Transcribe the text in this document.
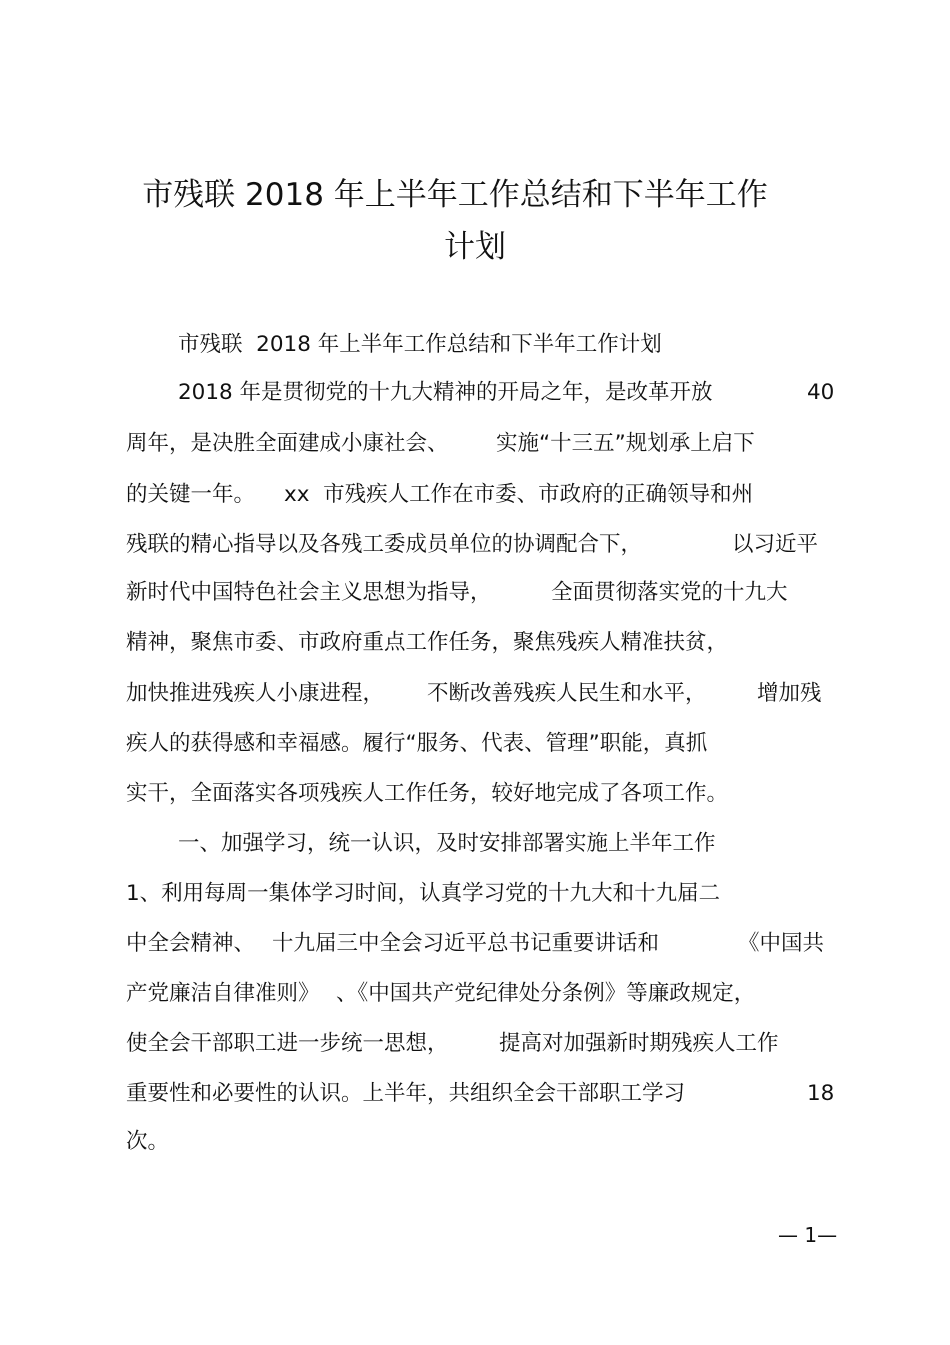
市残联 2018 年上半年工作总结和下半年工作
计划
市残联  2018 年上半年工作总结和下半年工作计划
2018 年是贯彻党的十九大精神的开局之年，是改革开放	40
周年，是决胜全面建成小康社会、 实施“十三五”规划承上启下
的关键一年。 xx  市残疾人工作在市委、市政府的正确领导和州
残联的精心指导以及各残工委成员单位的协调配合下，	以习近平
新时代中国特色社会主义思想为指导，	全面贯彻落实党的十九大
精神，聚焦市委、市政府重点工作任务，聚焦残疾人精准扶贫，
加快推进残疾人小康进程， 不断改善残疾人民生和水平， 增加残
疾人的获得感和幸福感。履行“服务、代表、管理”职能，真抓
实干，全面落实各项残疾人工作任务，较好地完成了各项工作。
一、加强学习，统一认识，及时安排部署实施上半年工作
1、利用每周一集体学习时间，认真学习党的十九大和十九届二
中全会精神、 十九届三中全会习近平总书记重要讲话和	《中国共
产党廉洁自律准则》 、《中国共产党纪律处分条例》等廉政规定，
使全会干部职工进一步统一思想， 提高对加强新时期残疾人工作
重要性和必要性的认识。上半年，共组织全会干部职工学习	18
次。
— 1—
